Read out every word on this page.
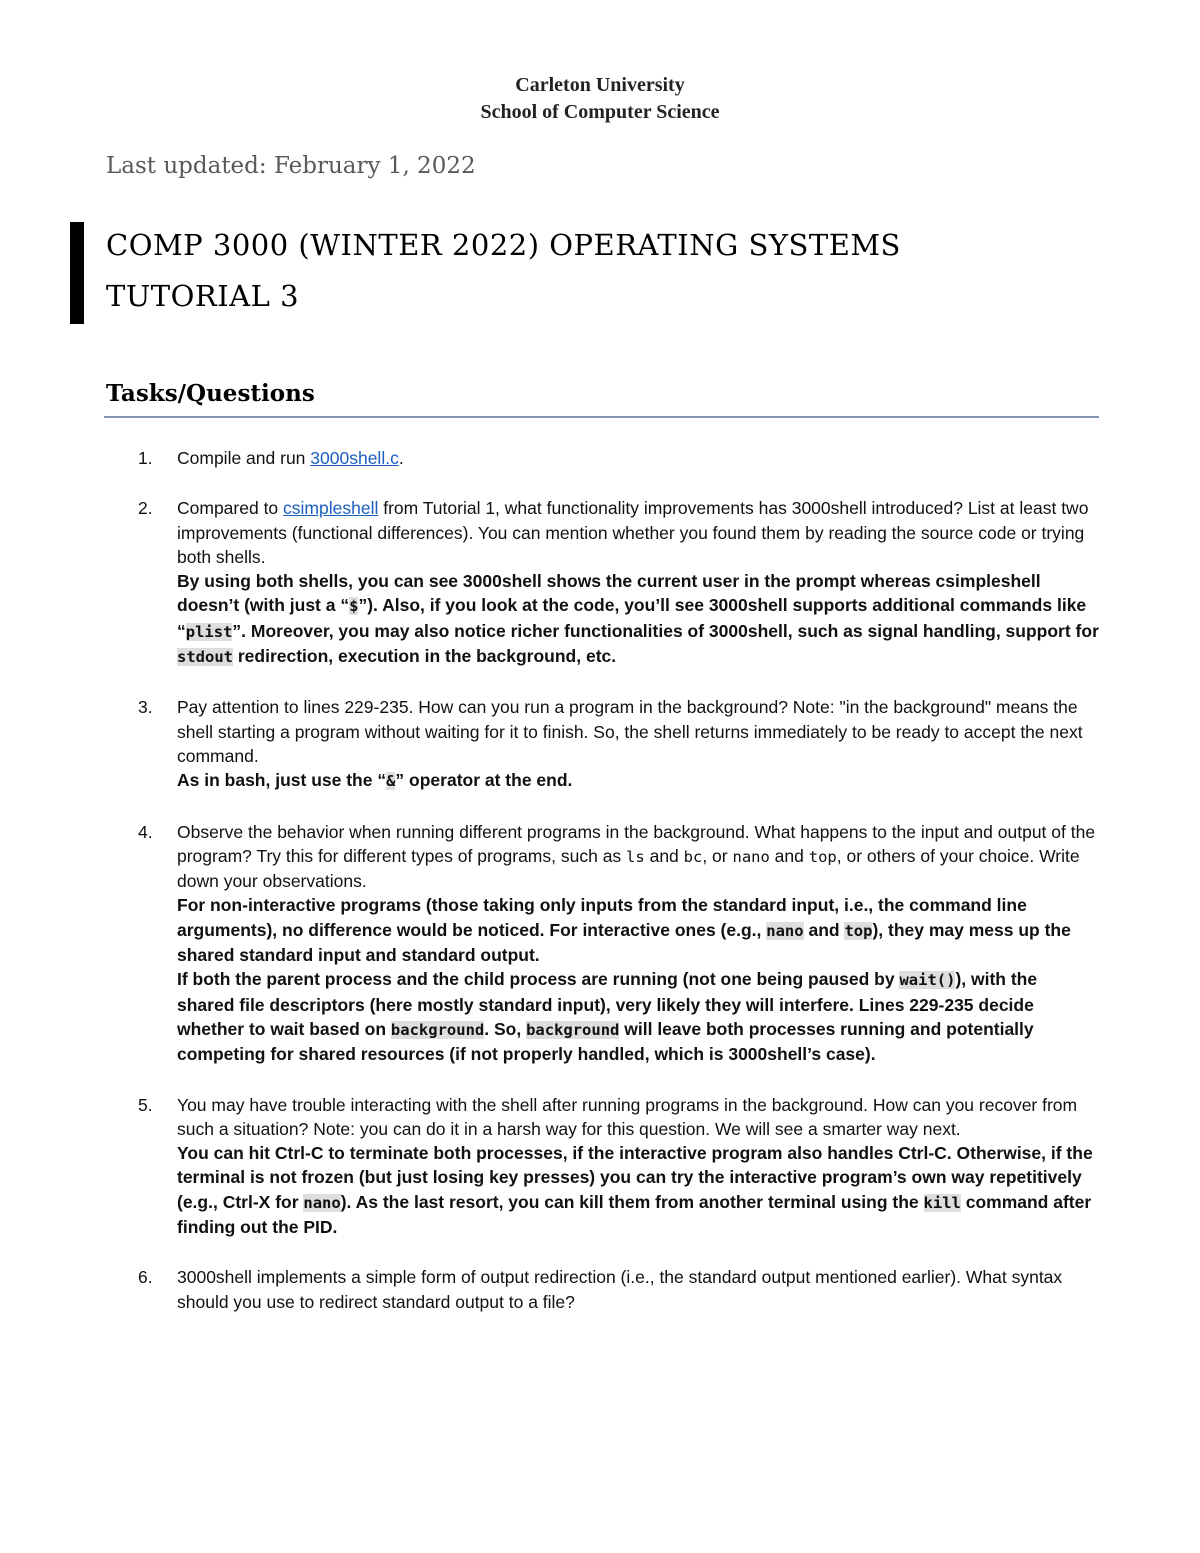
Carleton University
School of Computer Science
Last updated: February 1, 2022
COMP 3000 (WINTER 2022) OPERATING SYSTEMS
TUTORIAL 3
Tasks/Questions
1. Compile and run 3000shell.c.
2. Compared to csimpleshell from Tutorial 1, what functionality improvements has 3000shell introduced? List at least two improvements (functional differences). You can mention whether you found them by reading the source code or trying both shells.
By using both shells, you can see 3000shell shows the current user in the prompt whereas csimpleshell doesn’t (with just a “$”). Also, if you look at the code, you’ll see 3000shell supports additional commands like “plist”. Moreover, you may also notice richer functionalities of 3000shell, such as signal handling, support for stdout redirection, execution in the background, etc.
3. Pay attention to lines 229-235. How can you run a program in the background? Note: "in the background" means the shell starting a program without waiting for it to finish. So, the shell returns immediately to be ready to accept the next command.
As in bash, just use the “&” operator at the end.
4. Observe the behavior when running different programs in the background. What happens to the input and output of the program? Try this for different types of programs, such as ls and bc, or nano and top, or others of your choice. Write down your observations.
For non-interactive programs (those taking only inputs from the standard input, i.e., the command line arguments), no difference would be noticed. For interactive ones (e.g., nano and top), they may mess up the shared standard input and standard output.
If both the parent process and the child process are running (not one being paused by wait()), with the shared file descriptors (here mostly standard input), very likely they will interfere. Lines 229-235 decide whether to wait based on background. So, background will leave both processes running and potentially competing for shared resources (if not properly handled, which is 3000shell’s case).
5. You may have trouble interacting with the shell after running programs in the background. How can you recover from such a situation? Note: you can do it in a harsh way for this question. We will see a smarter way next.
You can hit Ctrl-C to terminate both processes, if the interactive program also handles Ctrl-C. Otherwise, if the terminal is not frozen (but just losing key presses) you can try the interactive program’s own way repetitively (e.g., Ctrl-X for nano). As the last resort, you can kill them from another terminal using the kill command after finding out the PID.
6. 3000shell implements a simple form of output redirection (i.e., the standard output mentioned earlier). What syntax should you use to redirect standard output to a file?
